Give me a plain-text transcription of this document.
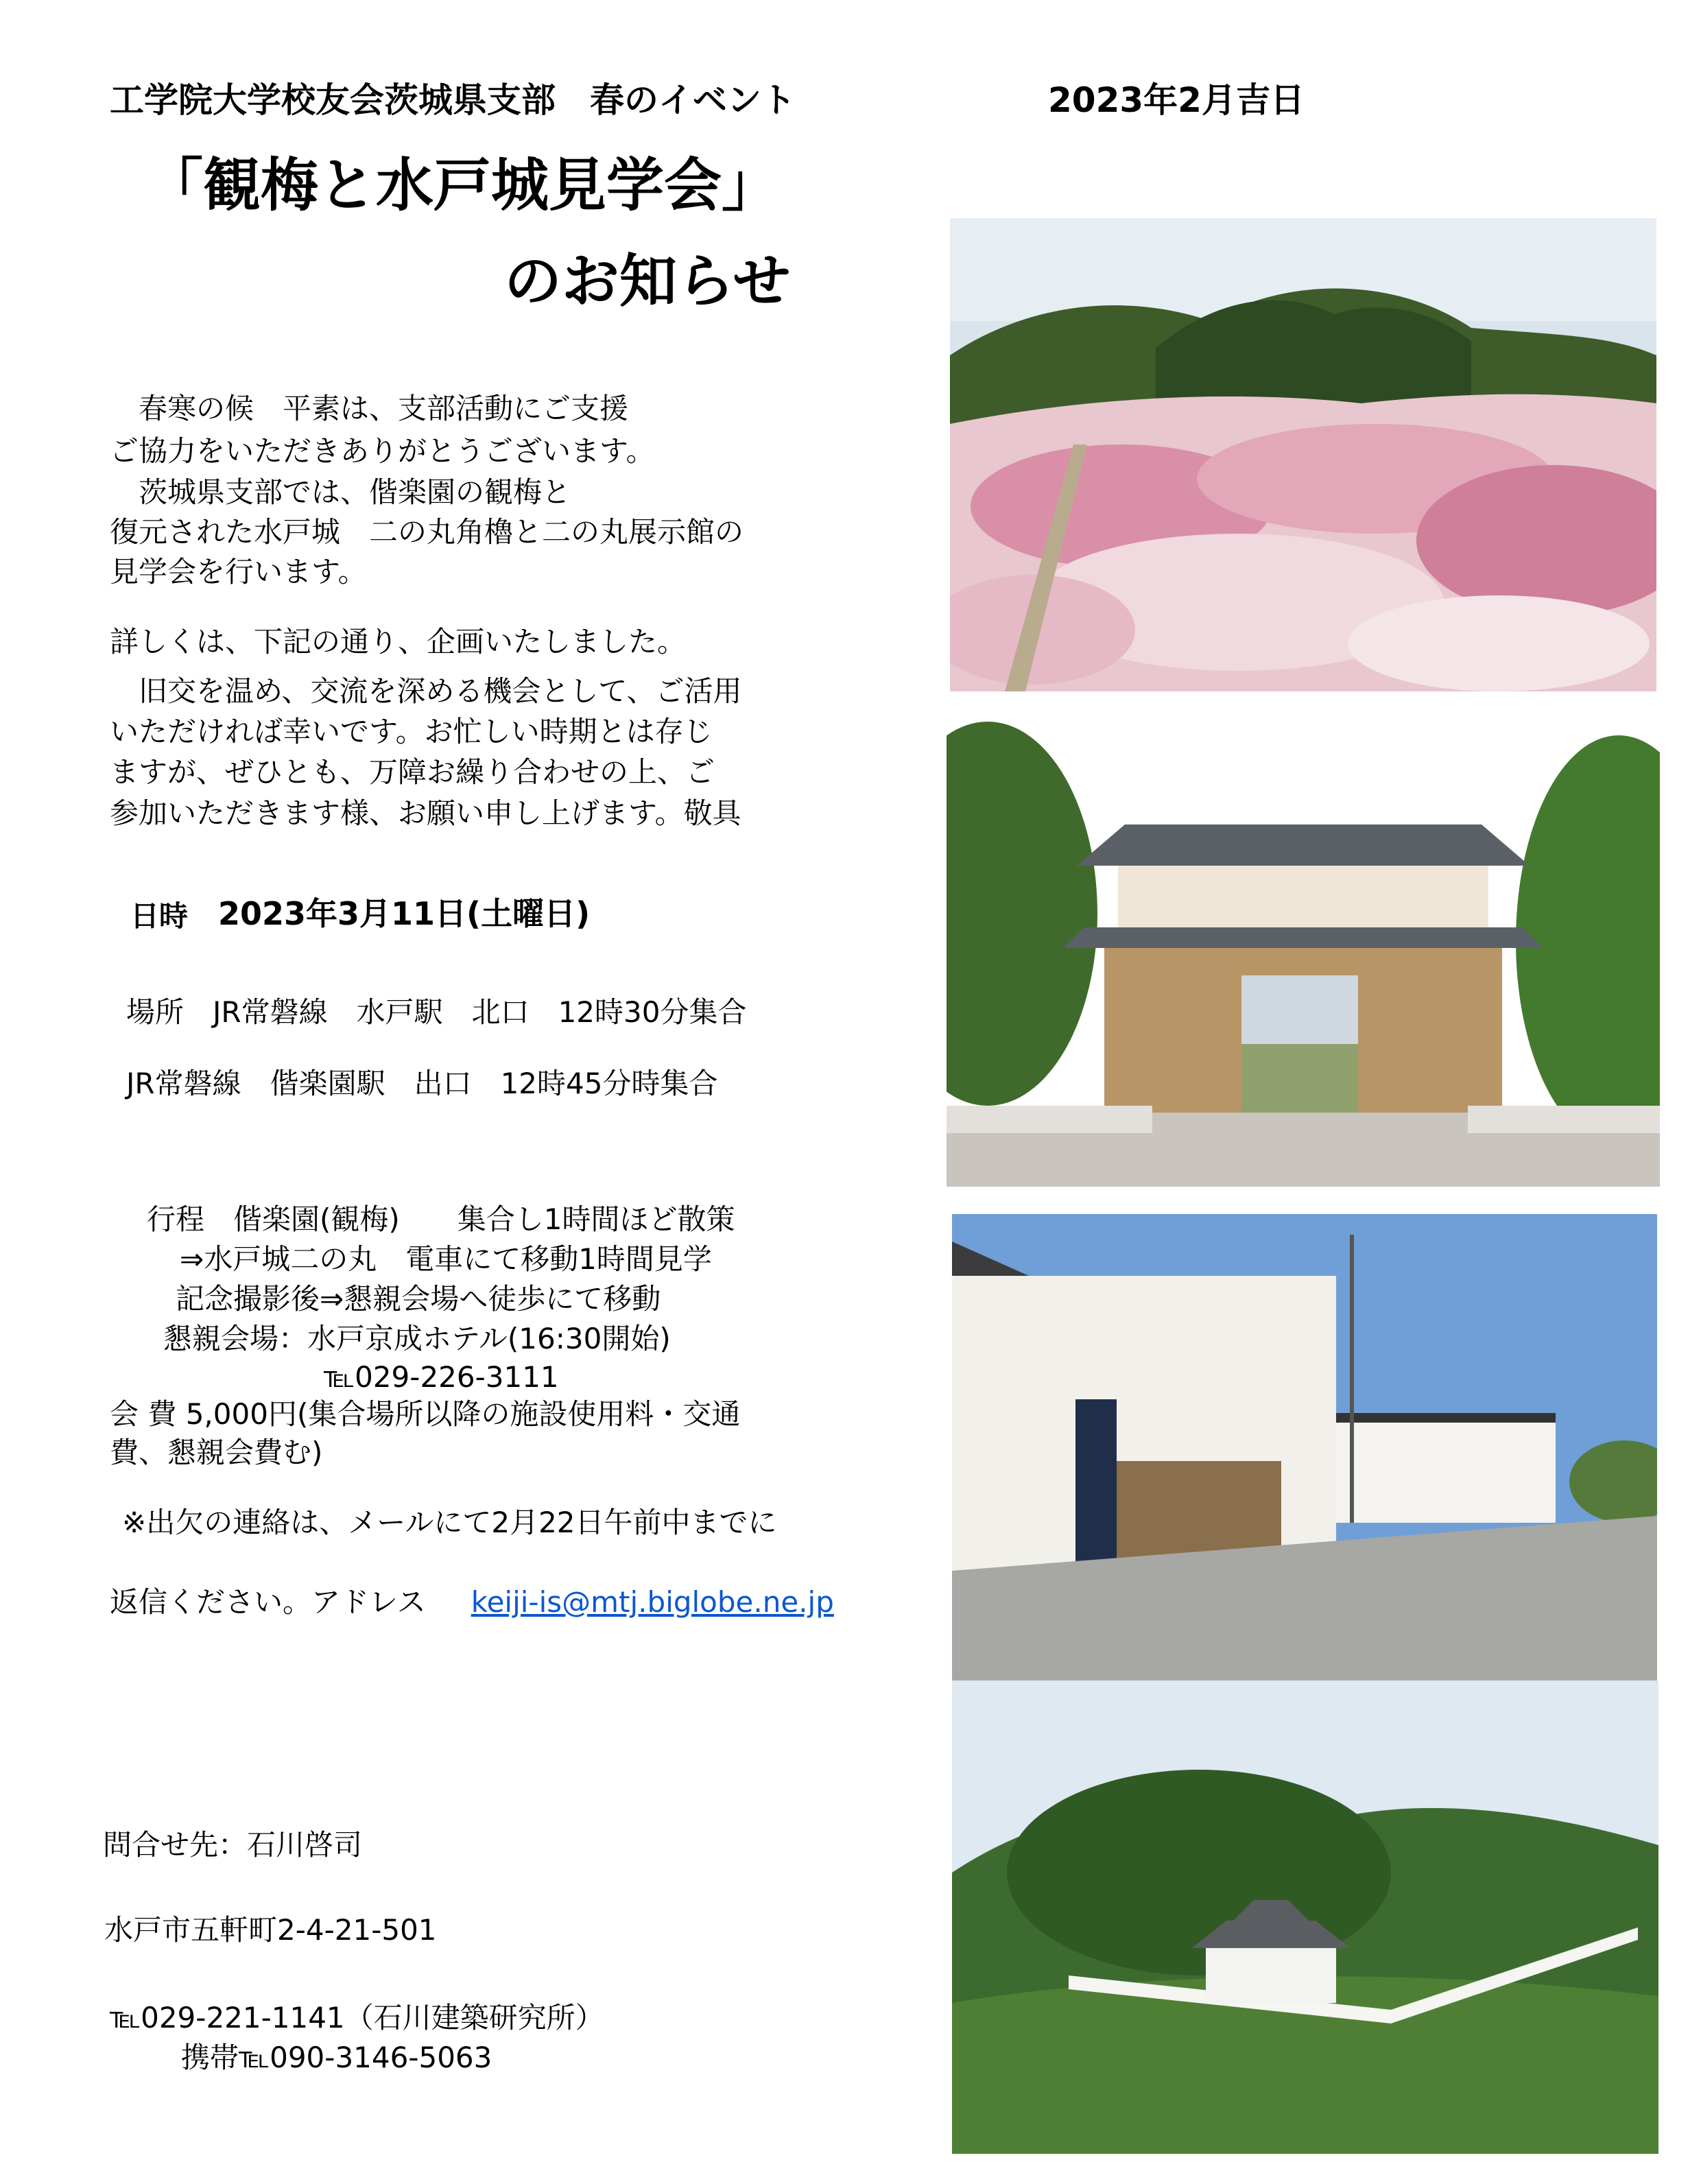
工学院大学校友会茨城県支部　春のイベント	2023年2月吉日
「観梅と水戸城見学会」
のお知らせ
　春寒の候　平素は、支部活動にご支援
ご協力をいただきありがとうございます。
　茨城県支部では、偕楽園の観梅と
復元された水戸城　二の丸角櫓と二の丸展示館の
見学会を行います。
詳しくは、下記の通り、企画いたしました。
　旧交を温め、交流を深める機会として、ご活用
いただければ幸いです。お忙しい時期とは存じ
ますが、ぜひとも、万障お繰り合わせの上、ご
参加いただきます様、お願い申し上げます。敬具
日時 2023年3月11日(土曜日)
場所　JR常磐線　水戸駅　北口　12時30分集合
JR常磐線　偕楽園駅　出口　12時45分時集合
行程　偕楽園(観梅)　　集合し1時間ほど散策
⇒水戸城二の丸　電車にて移動1時間見学
記念撮影後⇒懇親会場へ徒歩にて移動
懇親会場：水戸京成ホテル(16:30開始)
℡029-226-3111
会 費 5,000円(集合場所以降の施設使用料・交通
費、懇親会費む)
※出欠の連絡は、メールにて2月22日午前中までに
返信ください。アドレス keiji-is@mtj.biglobe.ne.jp
問合せ先：石川啓司
水戸市五軒町2-4-21-501
℡029-221-1141（石川建築研究所）
携帯℡090-3146-5063
